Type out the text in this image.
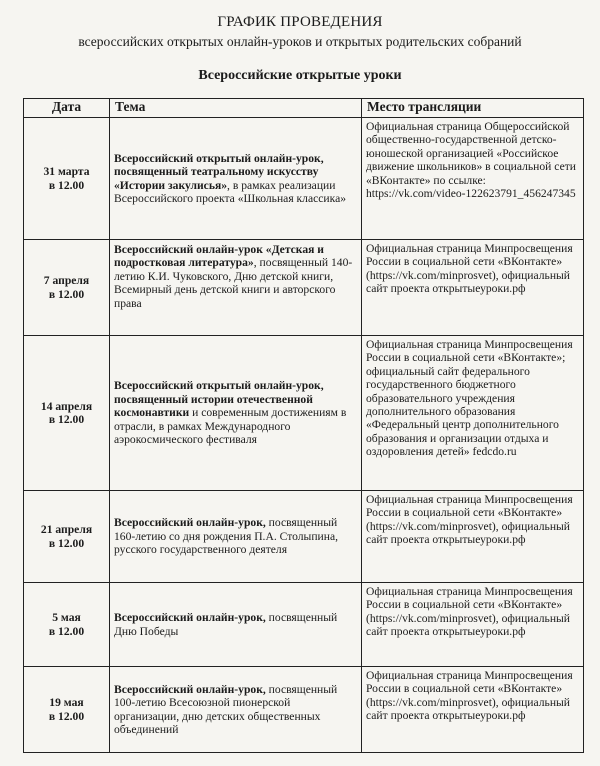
ГРАФИК ПРОВЕДЕНИЯ
всероссийских открытых онлайн-уроков и открытых родительских собраний
Всероссийские открытые уроки
Дата	Тема	Место трансляции

31 марта
в 12.00	Всероссийский открытый онлайн-урок, посвященный театральному искусству «Истории закулисья», в рамках реализации Всероссийского проекта «Школьная классика»	Официальная страница Общероссийской общественно-государственной детско-юношеской организацией «Российское движение школьников» в социальной сети «ВКонтакте» по ссылке: https://vk.com/video-122623791_456247345

7 апреля
в 12.00	Всероссийский онлайн-урок «Детская и подростковая литература», посвященный 140-летию К.И. Чуковского, Дню детской книги, Всемирный день детской книги и авторского права	Официальная страница Минпросвещения России в социальной сети «ВКонтакте» (https://vk.com/minprosvet), официальный сайт проекта открытыеуроки.рф

14 апреля
в 12.00	Всероссийский открытый онлайн-урок, посвященный истории отечественной космонавтики и современным достижениям в отрасли, в рамках Международного аэрокосмического фестиваля	Официальная страница Минпросвещения России в социальной сети «ВКонтакте»; официальный сайт федерального государственного бюджетного образовательного учреждения дополнительного образования «Федеральный центр дополнительного образования и организации отдыха и оздоровления детей» fedcdo.ru

21 апреля
в 12.00	Всероссийский онлайн-урок, посвященный 160-летию со дня рождения П.А. Столыпина, русского государственного деятеля	Официальная страница Минпросвещения России в социальной сети «ВКонтакте» (https://vk.com/minprosvet), официальный сайт проекта открытыеуроки.рф

5 мая
в 12.00	Всероссийский онлайн-урок, посвященный Дню Победы	Официальная страница Минпросвещения России в социальной сети «ВКонтакте» (https://vk.com/minprosvet), официальный сайт проекта открытыеуроки.рф

19 мая
в 12.00	Всероссийский онлайн-урок, посвященный 100-летию Всесоюзной пионерской организации, дню детских общественных объединений	Официальная страница Минпросвещения России в социальной сети «ВКонтакте» (https://vk.com/minprosvet), официальный сайт проекта открытыеуроки.рф
